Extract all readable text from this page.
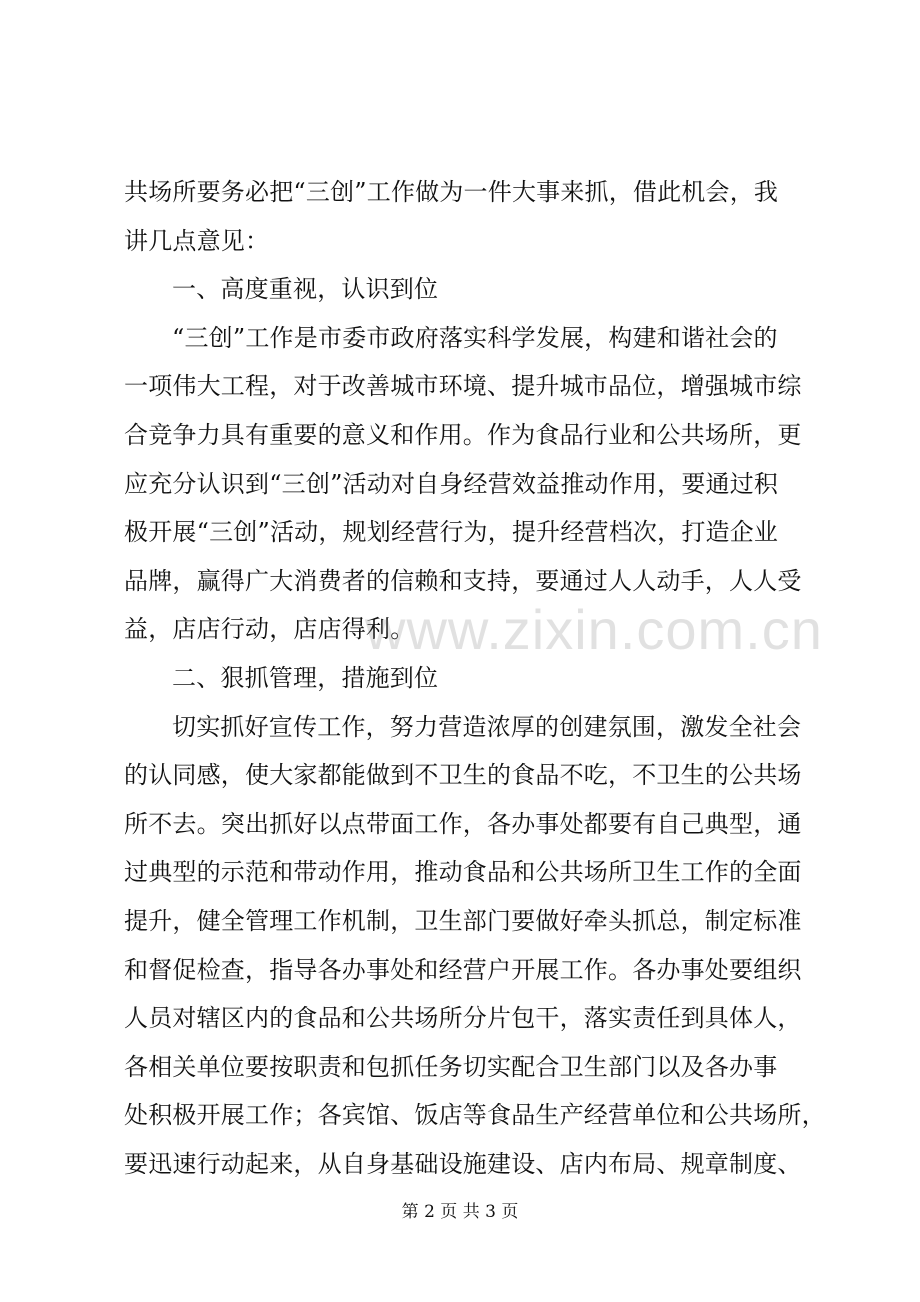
共场所要务必把“三创”工作做为一件大事来抓，借此机会，我
讲几点意见：
一、高度重视，认识到位
“三创”工作是市委市政府落实科学发展，构建和谐社会的
一项伟大工程，对于改善城市环境、提升城市品位，增强城市综
合竞争力具有重要的意义和作用。作为食品行业和公共场所，更
应充分认识到“三创”活动对自身经营效益推动作用，要通过积
极开展“三创”活动，规划经营行为，提升经营档次，打造企业
品牌，赢得广大消费者的信赖和支持，要通过人人动手，人人受
益，店店行动，店店得利。
二、狠抓管理，措施到位
切实抓好宣传工作，努力营造浓厚的创建氛围，激发全社会
的认同感，使大家都能做到不卫生的食品不吃，不卫生的公共场
所不去。突出抓好以点带面工作，各办事处都要有自己典型，通
过典型的示范和带动作用，推动食品和公共场所卫生工作的全面
提升，健全管理工作机制，卫生部门要做好牵头抓总，制定标准
和督促检查，指导各办事处和经营户开展工作。各办事处要组织
人员对辖区内的食品和公共场所分片包干，落实责任到具体人，
各相关单位要按职责和包抓任务切实配合卫生部门以及各办事
处积极开展工作；各宾馆、饭店等食品生产经营单位和公共场所，
要迅速行动起来，从自身基础设施建设、店内布局、规章制度、
www.zixin.com.cn
第 2 页 共 3 页
